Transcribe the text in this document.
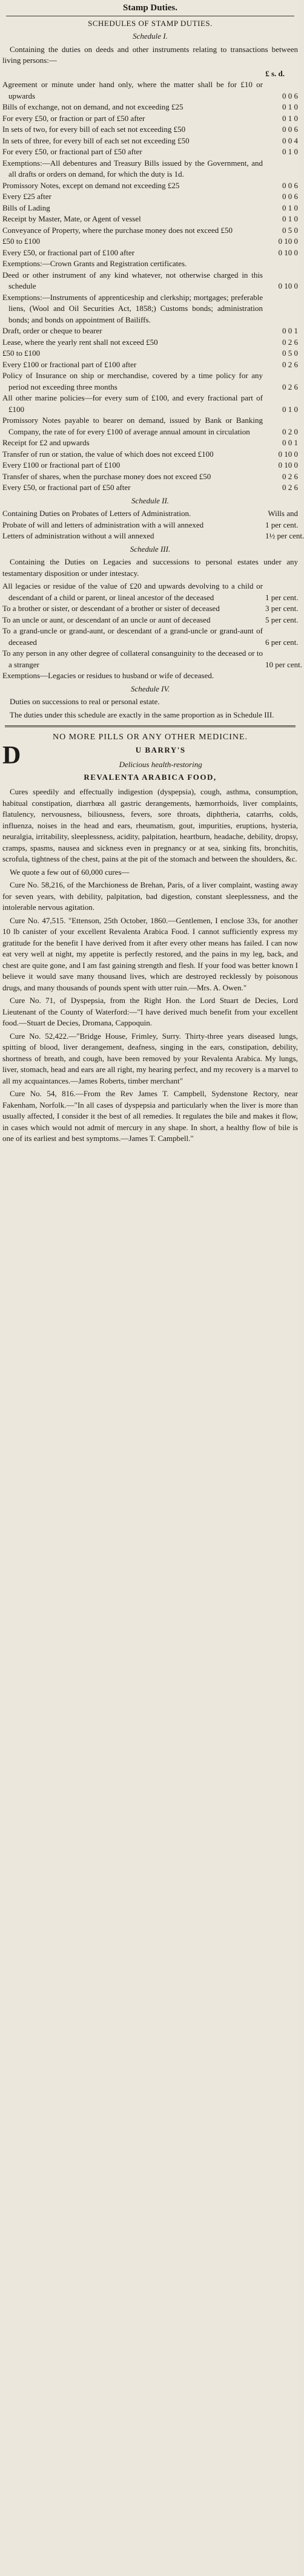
Stamp Duties.
SCHEDULES OF STAMP DUTIES.
Schedule I.
Containing the duties on deeds and other instruments relating to transactions between living persons:—
£ s. d.
Agreement or minute under hand only, where the matter shall be for £10 or upwards	0 0 6
Bills of exchange, not on demand, and not exceeding £25	0 1 0
For every £50, or fraction or part of £50 after	0 1 0
In sets of two, for every bill of each set not exceeding £50	0 0 6
In sets of three, for every bill of each set not exceeding £50	0 0 4
For every £50, or fractional part of £50 after	0 1 0
Exemptions:—All debentures and Treasury Bills issued by the Government, and all drafts or orders on demand, for which the duty is 1d.
Promissory Notes, except on demand not exceeding £25	0 0 6
Every £25 after	0 0 6
Bills of Lading	0 1 0
Receipt by Master, Mate, or Agent of vessel	0 1 0
Conveyance of Property, where the purchase money does not exceed £50	0 5 0
£50 to £100	0 10 0
Every £50, or fractional part of £100 after	0 10 0
Exemptions:—Crown Grants and Registration certificates.
Deed or other instrument of any kind whatever, not otherwise charged in this schedule	0 10 0
Exemptions:—Instruments of apprenticeship and clerkship; mortgages; preferable liens, (Wool and Oil Securities Act, 1858;) Customs bonds; administration bonds; and bonds on appointment of Bailiffs.
Draft, order or cheque to bearer	0 0 1
Lease, where the yearly rent shall not exceed £50	0 2 6
£50 to £100	0 5 0
Every £100 or fractional part of £100 after	0 2 6
Policy of Insurance on ship or merchandise, covered by a time policy for any period not exceeding three months	0 2 6
All other marine policies—for every sum of £100, and every fractional part of £100	0 1 0
Promissory Notes payable to bearer on demand, issued by Bank or Banking Company, the rate of for every £100 of average annual amount in circulation	0 2 0
Receipt for £2 and upwards	0 0 1
Transfer of run or station, the value of which does not exceed £100	0 10 0
Every £100 or fractional part of £100	0 10 0
Transfer of shares, when the purchase money does not exceed £50	0 2 6
Every £50, or fractional part of £50 after	0 2 6
Schedule II.
Containing Duties on Probates of Letters of Administration.	Wills and
Probate of will and letters of administration with a will annexed	1 per cent.
Letters of administration without a will annexed	1½ per cent.
Schedule III.
Containing the Duties on Legacies and successions to personal estates under any testamentary disposition or under intestacy.
All legacies or residue of the value of £20 and upwards devolving to a child or descendant of a child or parent, or lineal ancestor of the deceased	1 per cent.
To a brother or sister, or descendant of a brother or sister of deceased	3 per cent.
To an uncle or aunt, or descendant of an uncle or aunt of deceased	5 per cent.
To a grand-uncle or grand-aunt, or descendant of a grand-uncle or grand-aunt of deceased	6 per cent.
To any person in any other degree of collateral consanguinity to the deceased or to a stranger	10 per cent.
Exemptions—Legacies or residues to husband or wife of deceased.
Schedule IV.
Duties on successions to real or personal estate.
The duties under this schedule are exactly in the same proportion as in Schedule III.
NO MORE PILLS OR ANY OTHER MEDICINE.
D	U BARRY'S
Delicious health-restoring
REVALENTA ARABICA FOOD,
Cures speedily and effectually indigestion (dyspepsia), cough, asthma, consumption, habitual constipation, diarrhœa all gastric derangements, hæmorrhoids, liver complaints, flatulency, nervousness, biliousness, fevers, sore throats, diphtheria, catarrhs, colds, influenza, noises in the head and ears, rheumatism, gout, impurities, eruptions, hysteria, neuralgia, irritability, sleeplessness, acidity, palpitation, heartburn, headache, debility, dropsy, cramps, spasms, nausea and sickness even in pregnancy or at sea, sinking fits, bronchitis, scrofula, tightness of the chest, pains at the pit of the stomach and between the shoulders, &c.
We quote a few out of 60,000 cures—
Cure No. 58,216, of the Marchioness de Brehan, Paris, of a liver complaint, wasting away for seven years, with debility, palpitation, bad digestion, constant sleeplessness, and the intolerable nervous agitation.
Cure No. 47,515. "Ettenson, 25th October, 1860.—Gentlemen, I enclose 33s, for another 10 lb canister of your excellent Revalenta Arabica Food. I cannot sufficiently express my gratitude for the benefit I have derived from it after every other means has failed. I can now eat very well at night, my appetite is perfectly restored, and the pains in my leg, back, and chest are quite gone, and I am fast gaining strength and flesh. If your food was better known I believe it would save many thousand lives, which are destroyed recklessly by poisonous drugs, and many thousands of pounds spent with utter ruin.—Mrs. A. Owen."
Cure No. 71, of Dyspepsia, from the Right Hon. the Lord Stuart de Decies, Lord Lieutenant of the County of Waterford:—"I have derived much benefit from your excellent food.—Stuart de Decies, Dromana, Cappoquin.
Cure No. 52,422.—"Bridge House, Frimley, Surry. Thirty-three years diseased lungs, spitting of blood, liver derangement, deafness, singing in the ears, constipation, debility, shortness of breath, and cough, have been removed by your Revalenta Arabica. My lungs, liver, stomach, head and ears are all right, my hearing perfect, and my recovery is a marvel to all my acquaintances.—James Roberts, timber merchant"
Cure No. 54, 816.—From the Rev James T. Campbell, Sydenstone Rectory, near Fakenham, Norfolk.—"In all cases of dyspepsia and particularly when the liver is more than usually affected, I consider it the best of all remedies. It regulates the bile and makes it flow, in cases which would not admit of mercury in any shape. In short, a healthy flow of bile is one of its earliest and best symptoms.—James T. Campbell."
